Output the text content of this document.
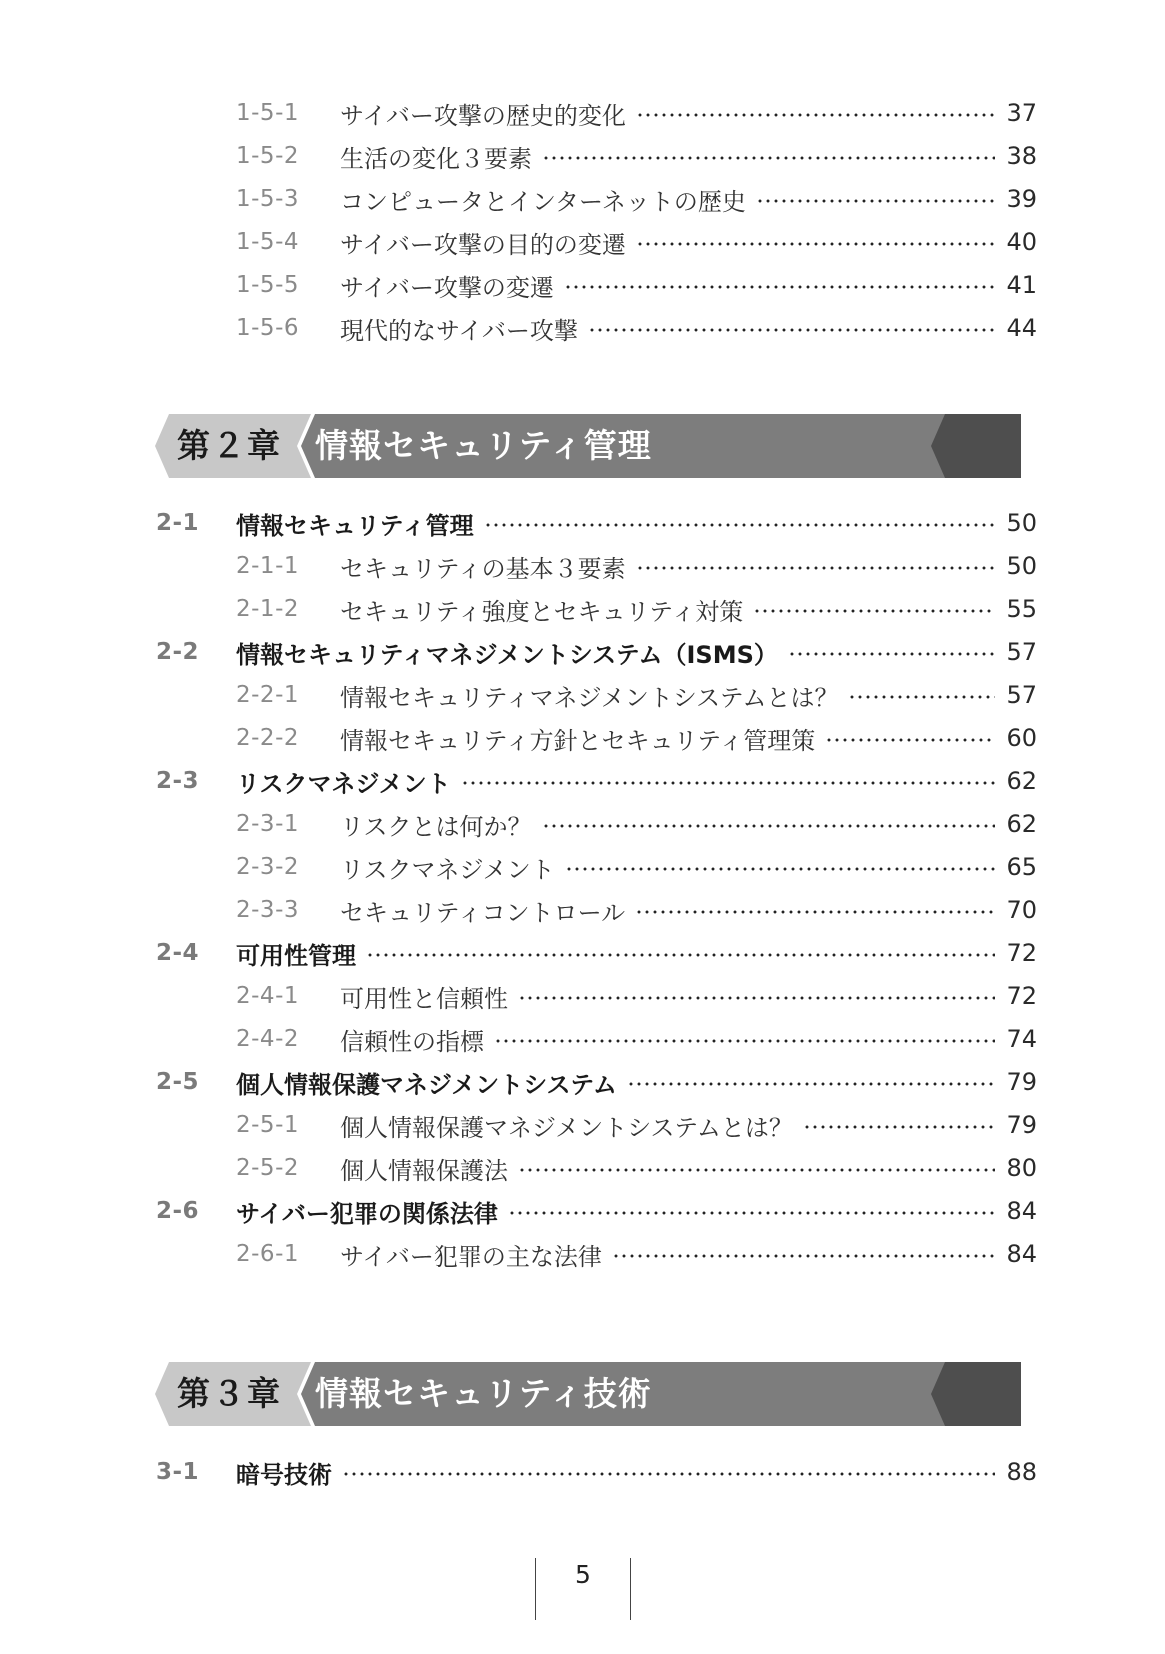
1-5-1 サイバー攻撃の歴史的変化	37
1-5-2 生活の変化３要素	38
1-5-3 コンピュータとインターネットの歴史	39
1-5-4 サイバー攻撃の目的の変遷	40
1-5-5 サイバー攻撃の変遷	41
1-5-6 現代的なサイバー攻撃	44
第２章 情報セキュリティ管理
2-1 情報セキュリティ管理	50
2-1-1 セキュリティの基本３要素	50
2-1-2 セキュリティ強度とセキュリティ対策	55
2-2 情報セキュリティマネジメントシステム（ISMS）	57
2-2-1 情報セキュリティマネジメントシステムとは？	57
2-2-2 情報セキュリティ方針とセキュリティ管理策	60
2-3 リスクマネジメント	62
2-3-1 リスクとは何か？	62
2-3-2 リスクマネジメント	65
2-3-3 セキュリティコントロール	70
2-4 可用性管理	72
2-4-1 可用性と信頼性	72
2-4-2 信頼性の指標	74
2-5 個人情報保護マネジメントシステム	79
2-5-1 個人情報保護マネジメントシステムとは？	79
2-5-2 個人情報保護法	80
2-6 サイバー犯罪の関係法律	84
2-6-1 サイバー犯罪の主な法律	84
第３章 情報セキュリティ技術
3-1 暗号技術	88
5
